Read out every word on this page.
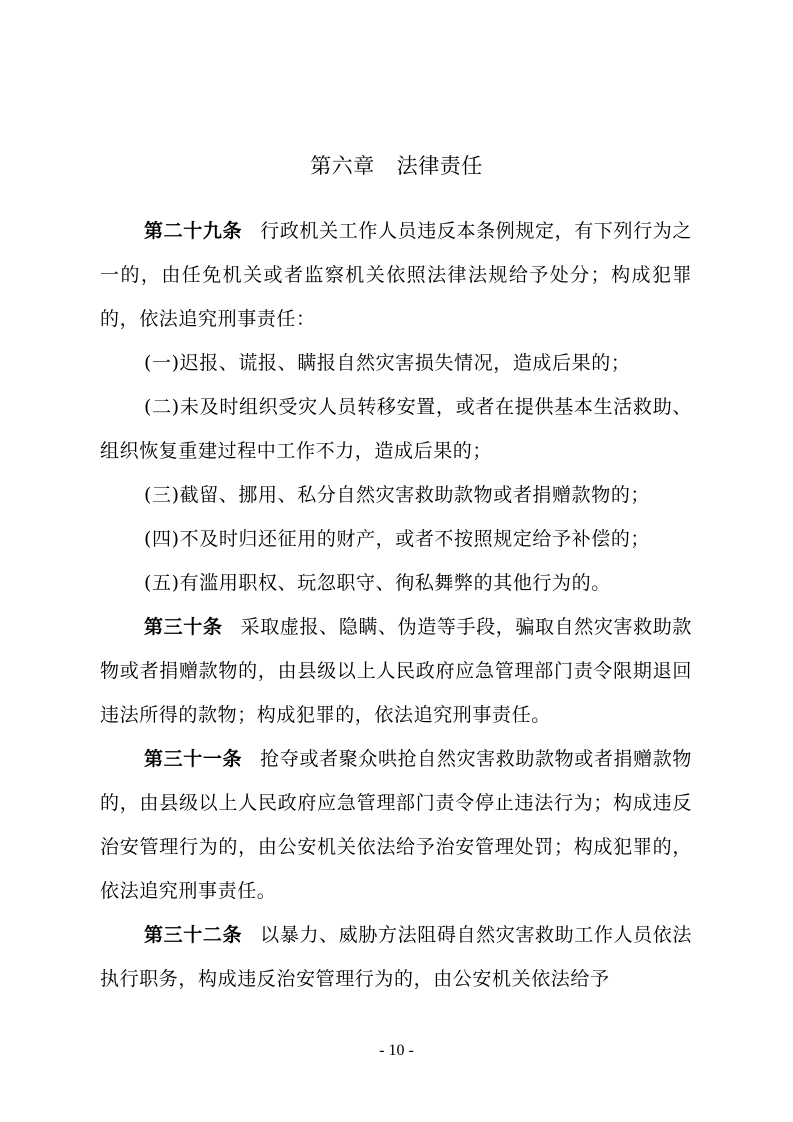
第六章 法律责任

第二十九条 行政机关工作人员违反本条例规定，有下列行为之一的，由任免机关或者监察机关依照法律法规给予处分；构成犯罪的，依法追究刑事责任：

(一)迟报、谎报、瞒报自然灾害损失情况，造成后果的；

(二)未及时组织受灾人员转移安置，或者在提供基本生活救助、组织恢复重建过程中工作不力，造成后果的；

(三)截留、挪用、私分自然灾害救助款物或者捐赠款物的；

(四)不及时归还征用的财产，或者不按照规定给予补偿的；

(五)有滥用职权、玩忽职守、徇私舞弊的其他行为的。

第三十条 采取虚报、隐瞒、伪造等手段，骗取自然灾害救助款物或者捐赠款物的，由县级以上人民政府应急管理部门责令限期退回违法所得的款物；构成犯罪的，依法追究刑事责任。

第三十一条 抢夺或者聚众哄抢自然灾害救助款物或者捐赠款物的，由县级以上人民政府应急管理部门责令停止违法行为；构成违反治安管理行为的，由公安机关依法给予治安管理处罚；构成犯罪的，依法追究刑事责任。

第三十二条 以暴力、威胁方法阻碍自然灾害救助工作人员依法执行职务，构成违反治安管理行为的，由公安机关依法给予

- 10 -
